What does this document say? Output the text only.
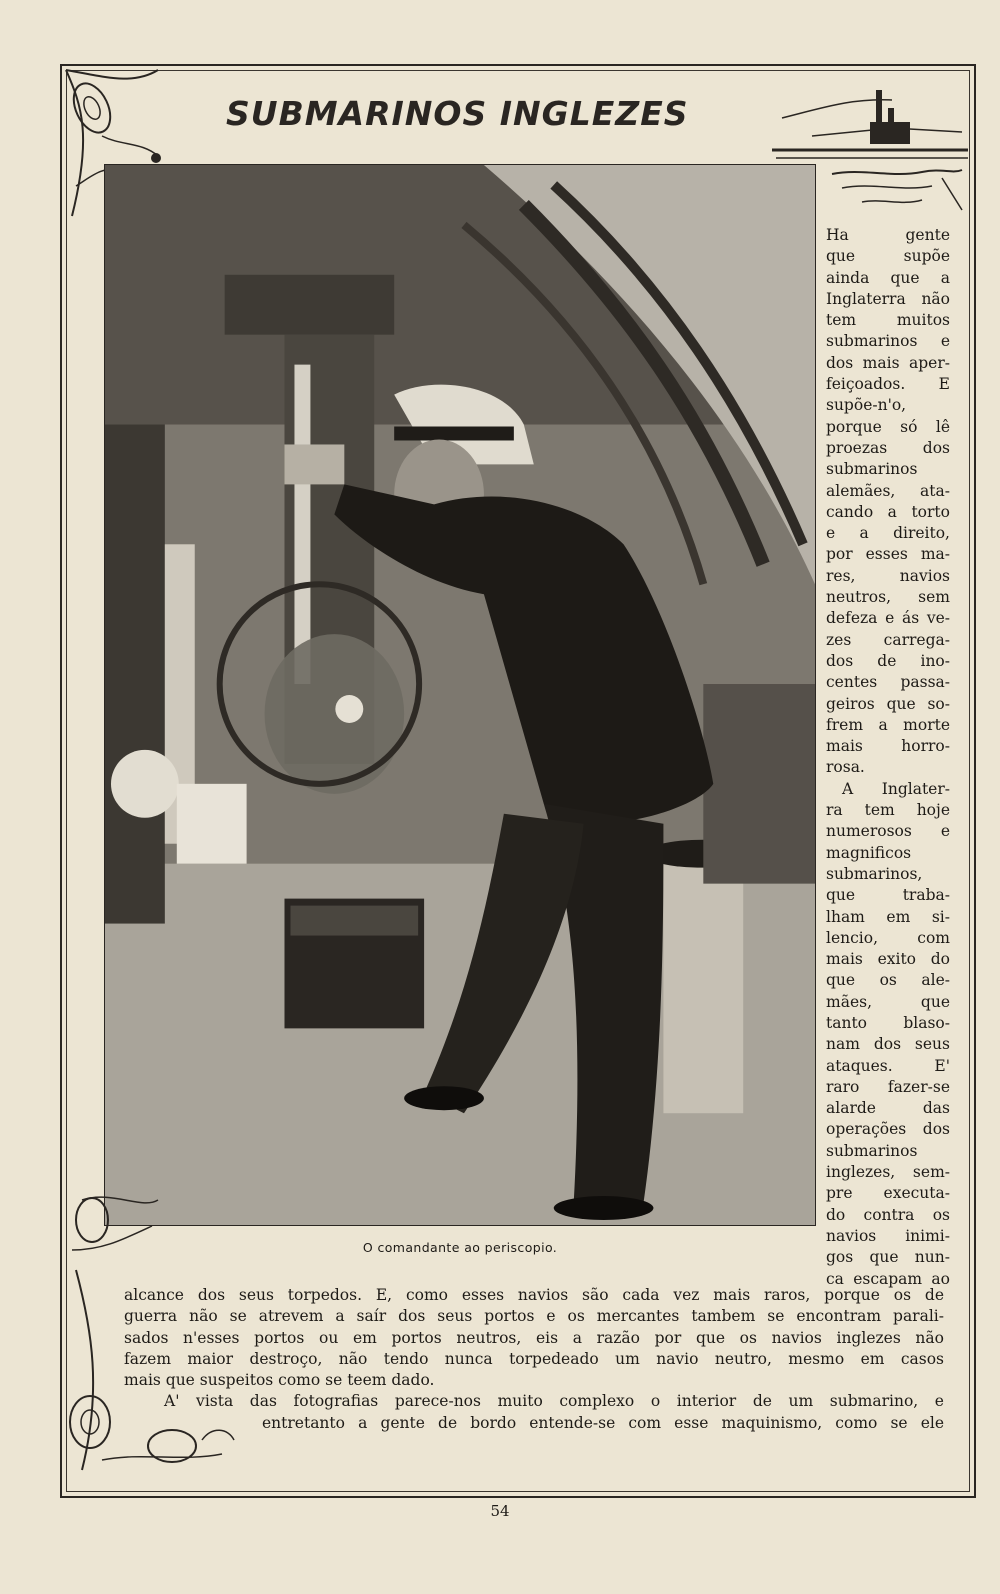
SUBMARINOS INGLEZES
O comandante ao periscopio.
Ha gente
que supõe
ainda que a
Inglaterra não
tem muitos
submarinos e
dos mais aper-
feiçoados. E
supõe-n'o,
porque só lê
proezas dos
submarinos
alemães, ata-
cando a torto
e a direito,
por esses ma-
res, navios
neutros, sem
defeza e ás ve-
zes carrega-
dos de ino-
centes passa-
geiros que so-
frem a morte
mais horro-
rosa.
A Inglater-
ra tem hoje
numerosos e
magnificos
submarinos,
que traba-
lham em si-
lencio, com
mais exito do
que os ale-
mães, que
tanto blaso-
nam dos seus
ataques. E'
raro fazer-se
alarde das
operações dos
submarinos
inglezes, sem-
pre executa-
do contra os
navios inimi-
gos que nun-
ca escapam ao
alcance dos seus torpedos. E, como esses navios são cada vez mais raros, porque os de
guerra não se atrevem a saír dos seus portos e os mercantes tambem se encontram parali-
sados n'esses portos ou em portos neutros, eis a razão por que os navios inglezes não
fazem maior destroço, não tendo nunca torpedeado um navio neutro, mesmo em casos
mais que suspeitos como se teem dado.
A' vista das fotografias parece-nos muito complexo o interior de um submarino, e
entretanto a gente de bordo entende-se com esse maquinismo, como se ele
54
